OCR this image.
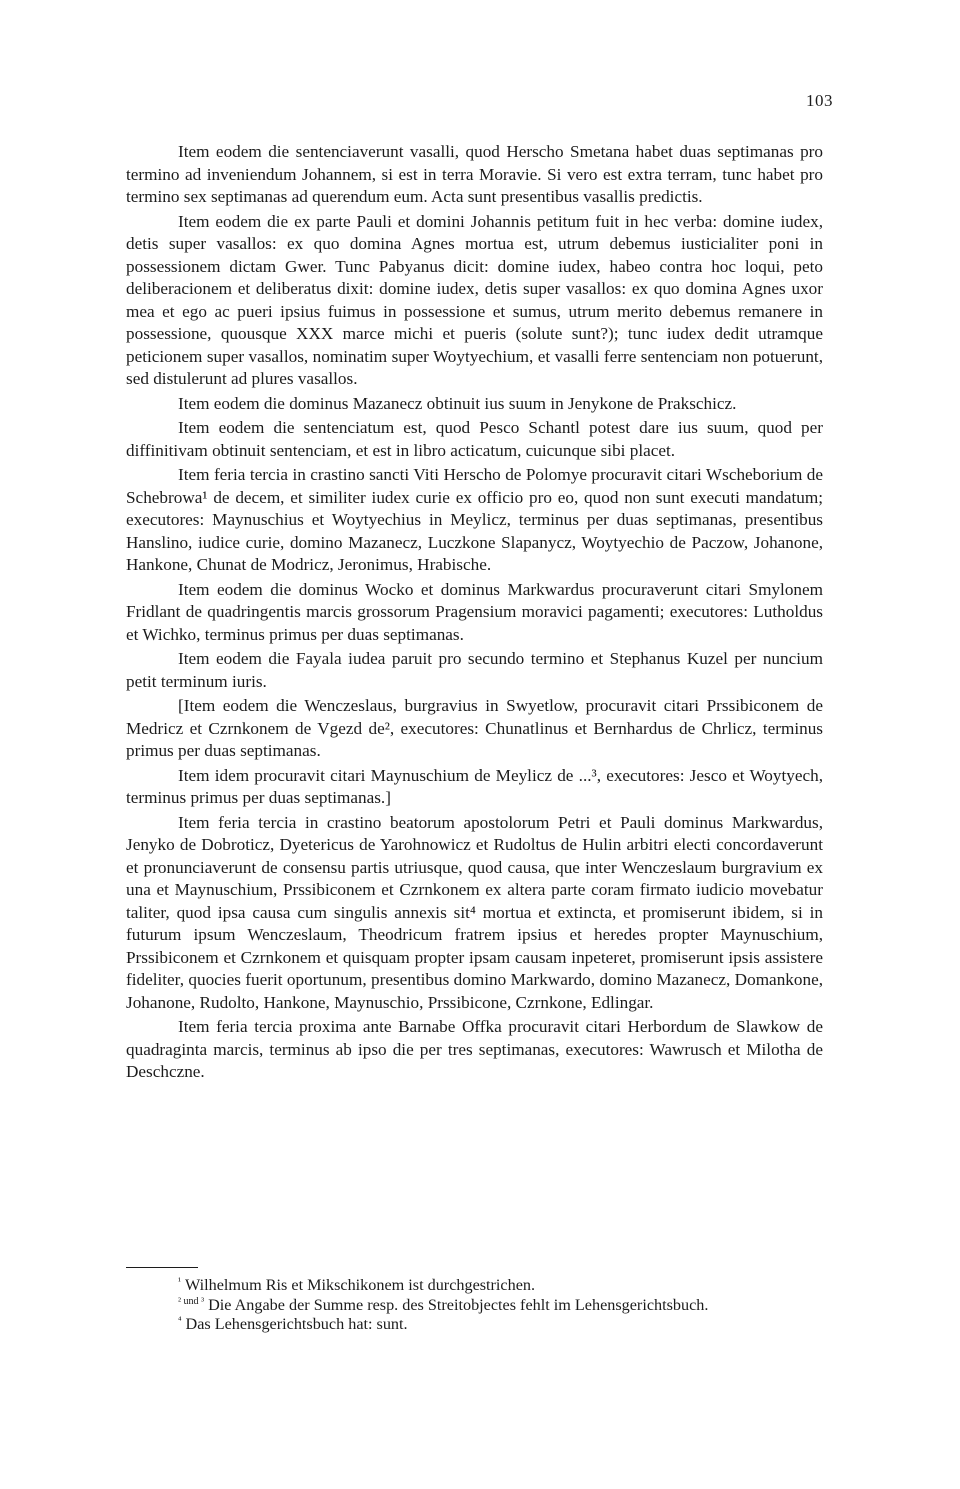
103

Item eodem die sentenciaverunt vasalli, quod Herscho Smetana habet duas septimanas pro termino ad inveniendum Johannem, si est in terra Moravie. Si vero est extra terram, tunc habet pro termino sex septimanas ad querendum eum. Acta sunt presentibus vasallis predictis.

Item eodem die ex parte Pauli et domini Johannis petitum fuit in hec verba: domine iudex, detis super vasallos: ex quo domina Agnes mortua est, utrum debemus iusticialiter poni in possessionem dictam Gwer. Tunc Pabyanus dicit: domine iudex, habeo contra hoc loqui, peto deliberacionem et deliberatus dixit: domine iudex, detis super vasallos: ex quo domina Agnes uxor mea et ego ac pueri ipsius fuimus in possessione et sumus, utrum merito debemus remanere in possessione, quousque XXX marce michi et pueris (solute sunt?); tunc iudex dedit utramque peticionem super vasallos, nominatim super Woytyechium, et vasalli ferre sentenciam non potuerunt, sed distulerunt ad plures vasallos.

Item eodem die dominus Mazanecz obtinuit ius suum in Jenykone de Prakschicz.

Item eodem die sentenciatum est, quod Pesco Schantl potest dare ius suum, quod per diffinitivam obtinuit sentenciam, et est in libro acticatum, cuicunque sibi placet.

Item feria tercia in crastino sancti Viti Herscho de Polomye procuravit citari Wscheborium de Schebrowa¹ de decem, et similiter iudex curie ex officio pro eo, quod non sunt executi mandatum; executores: Maynuschius et Woytyechius in Meylicz, terminus per duas septimanas, presentibus Hanslino, iudice curie, domino Mazanecz, Luczkone Slapanycz, Woytyechio de Paczow, Johanone, Hankone, Chunat de Modricz, Jeronimus, Hrabische.

Item eodem die dominus Wocko et dominus Markwardus procuraverunt citari Smylonem Fridlant de quadringentis marcis grossorum Pragensium moravici pagamenti; executores: Lutholdus et Wichko, terminus primus per duas septimanas.

Item eodem die Fayala iudea paruit pro secundo termino et Stephanus Kuzel per nuncium petit terminum iuris.

[Item eodem die Wenczeslaus, burgravius in Swyetlow, procuravit citari Prssibiconem de Medricz et Czrnkonem de Vgezd de², executores: Chunatlinus et Bernhardus de Chrlicz, terminus primus per duas septimanas.

Item idem procuravit citari Maynuschium de Meylicz de ...³, executores: Jesco et Woytyech, terminus primus per duas septimanas.]

Item feria tercia in crastino beatorum apostolorum Petri et Pauli dominus Markwardus, Jenyko de Dobroticz, Dyetericus de Yarohnowicz et Rudoltus de Hulin arbitri electi concordaverunt et pronunciaverunt de consensu partis utriusque, quod causa, que inter Wenczeslaum burgravium ex una et Maynuschium, Prssibiconem et Czrnkonem ex altera parte coram firmato iudicio movebatur taliter, quod ipsa causa cum singulis annexis sit⁴ mortua et extincta, et promiserunt ibidem, si in futurum ipsum Wenczeslaum, Theodricum fratrem ipsius et heredes propter Maynuschium, Prssibiconem et Czrnkonem et quisquam propter ipsam causam inpeteret, promiserunt ipsis assistere fideliter, quocies fuerit oportunum, presentibus domino Markwardo, domino Mazanecz, Domankone, Johanone, Rudolto, Hankone, Maynuschio, Prssibicone, Czrnkone, Edlingar.

Item feria tercia proxima ante Barnabe Offka procuravit citari Herbordum de Slawkow de quadraginta marcis, terminus ab ipso die per tres septimanas, executores: Wawrusch et Milotha de Deschczne.

$^{^1}$ Wilhelmum Ris et Mikschikonem ist durchgestrichen.

$^{^2 und ^3}$ Die Angabe der Summe resp. des Streitobjectes fehlt im Lehensgerichtsbuch.

$^{^4}$ Das Lehensgerichtsbuch hat: sunt.
